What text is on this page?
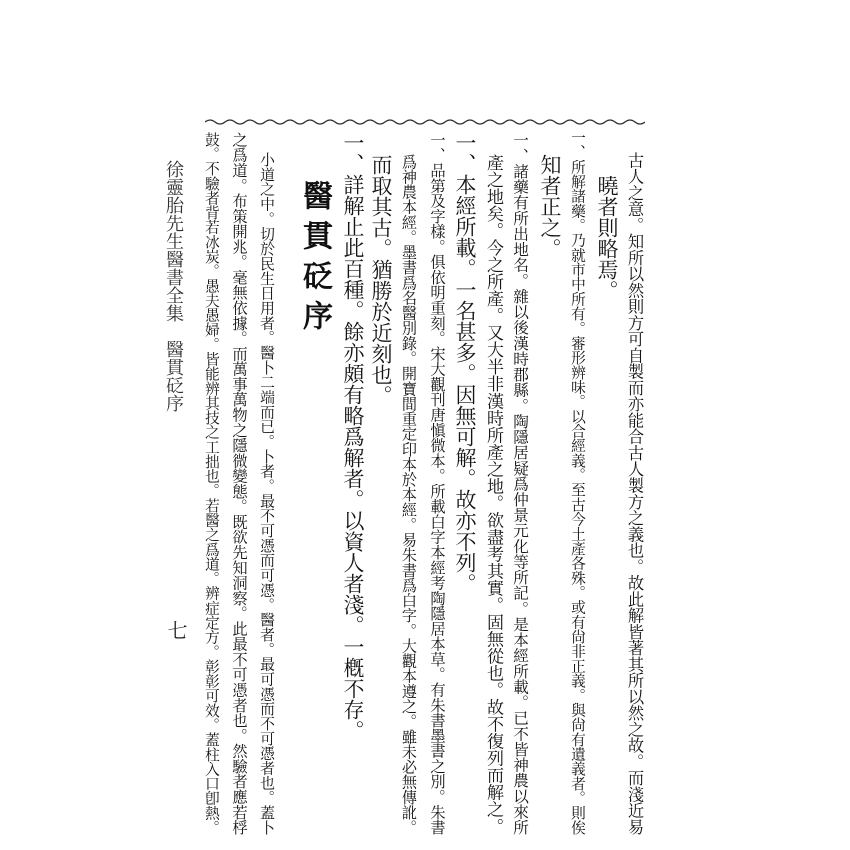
古人之意。知所以然則方可自製而亦能合古人製方之義也。故此解皆著其所以然之故。而淺近易
曉者則略焉。
一、所解諸藥。乃就市中所有。審形辨味。以合經義。至古今土產各殊。或有尙非正義。與尙有遺義者。則俟
知者正之。
一、諸藥有所出地名。雜以後漢時郡縣。陶隱居疑爲仲景元化等所記。是本經所載。已不皆神農以來所
產之地矣。今之所產。又大半非漢時所產之地。欲盡考其實。固無從也。故不復列而解之。
一、本經所載。一名甚多。因無可解。故亦不列。
一、品第及字樣。俱依明重刻。宋大觀刊唐愼微本。所載白字本經考陶隱居本草。有朱書墨書之別。朱書
爲神農本經。墨書爲名醫別錄。開寶間重定印本於本經。易朱書爲白字。大觀本遵之。雖未必無傳訛。
而取其古。猶勝於近刻也。
一、詳解止此百種。餘亦頗有略爲解者。以資人者淺。一槪不存。
醫貫砭序
小道之中。切於民生日用者。醫卜二端而已。卜者。最不可憑而可憑。醫者。最可憑而不可憑者也。蓋卜
之爲道。布策開兆。毫無依據。而萬事萬物之隱微變態。既欲先知洞察。此最不可憑者也。然驗者應若桴
鼓。不驗者背若冰炭。愚夫愚婦。皆能辨其技之工拙也。若醫之爲道。辨症定方。彰彰可效。蓋柱入口卽熱。
徐靈胎先生醫書全集　醫貫砭序
七
